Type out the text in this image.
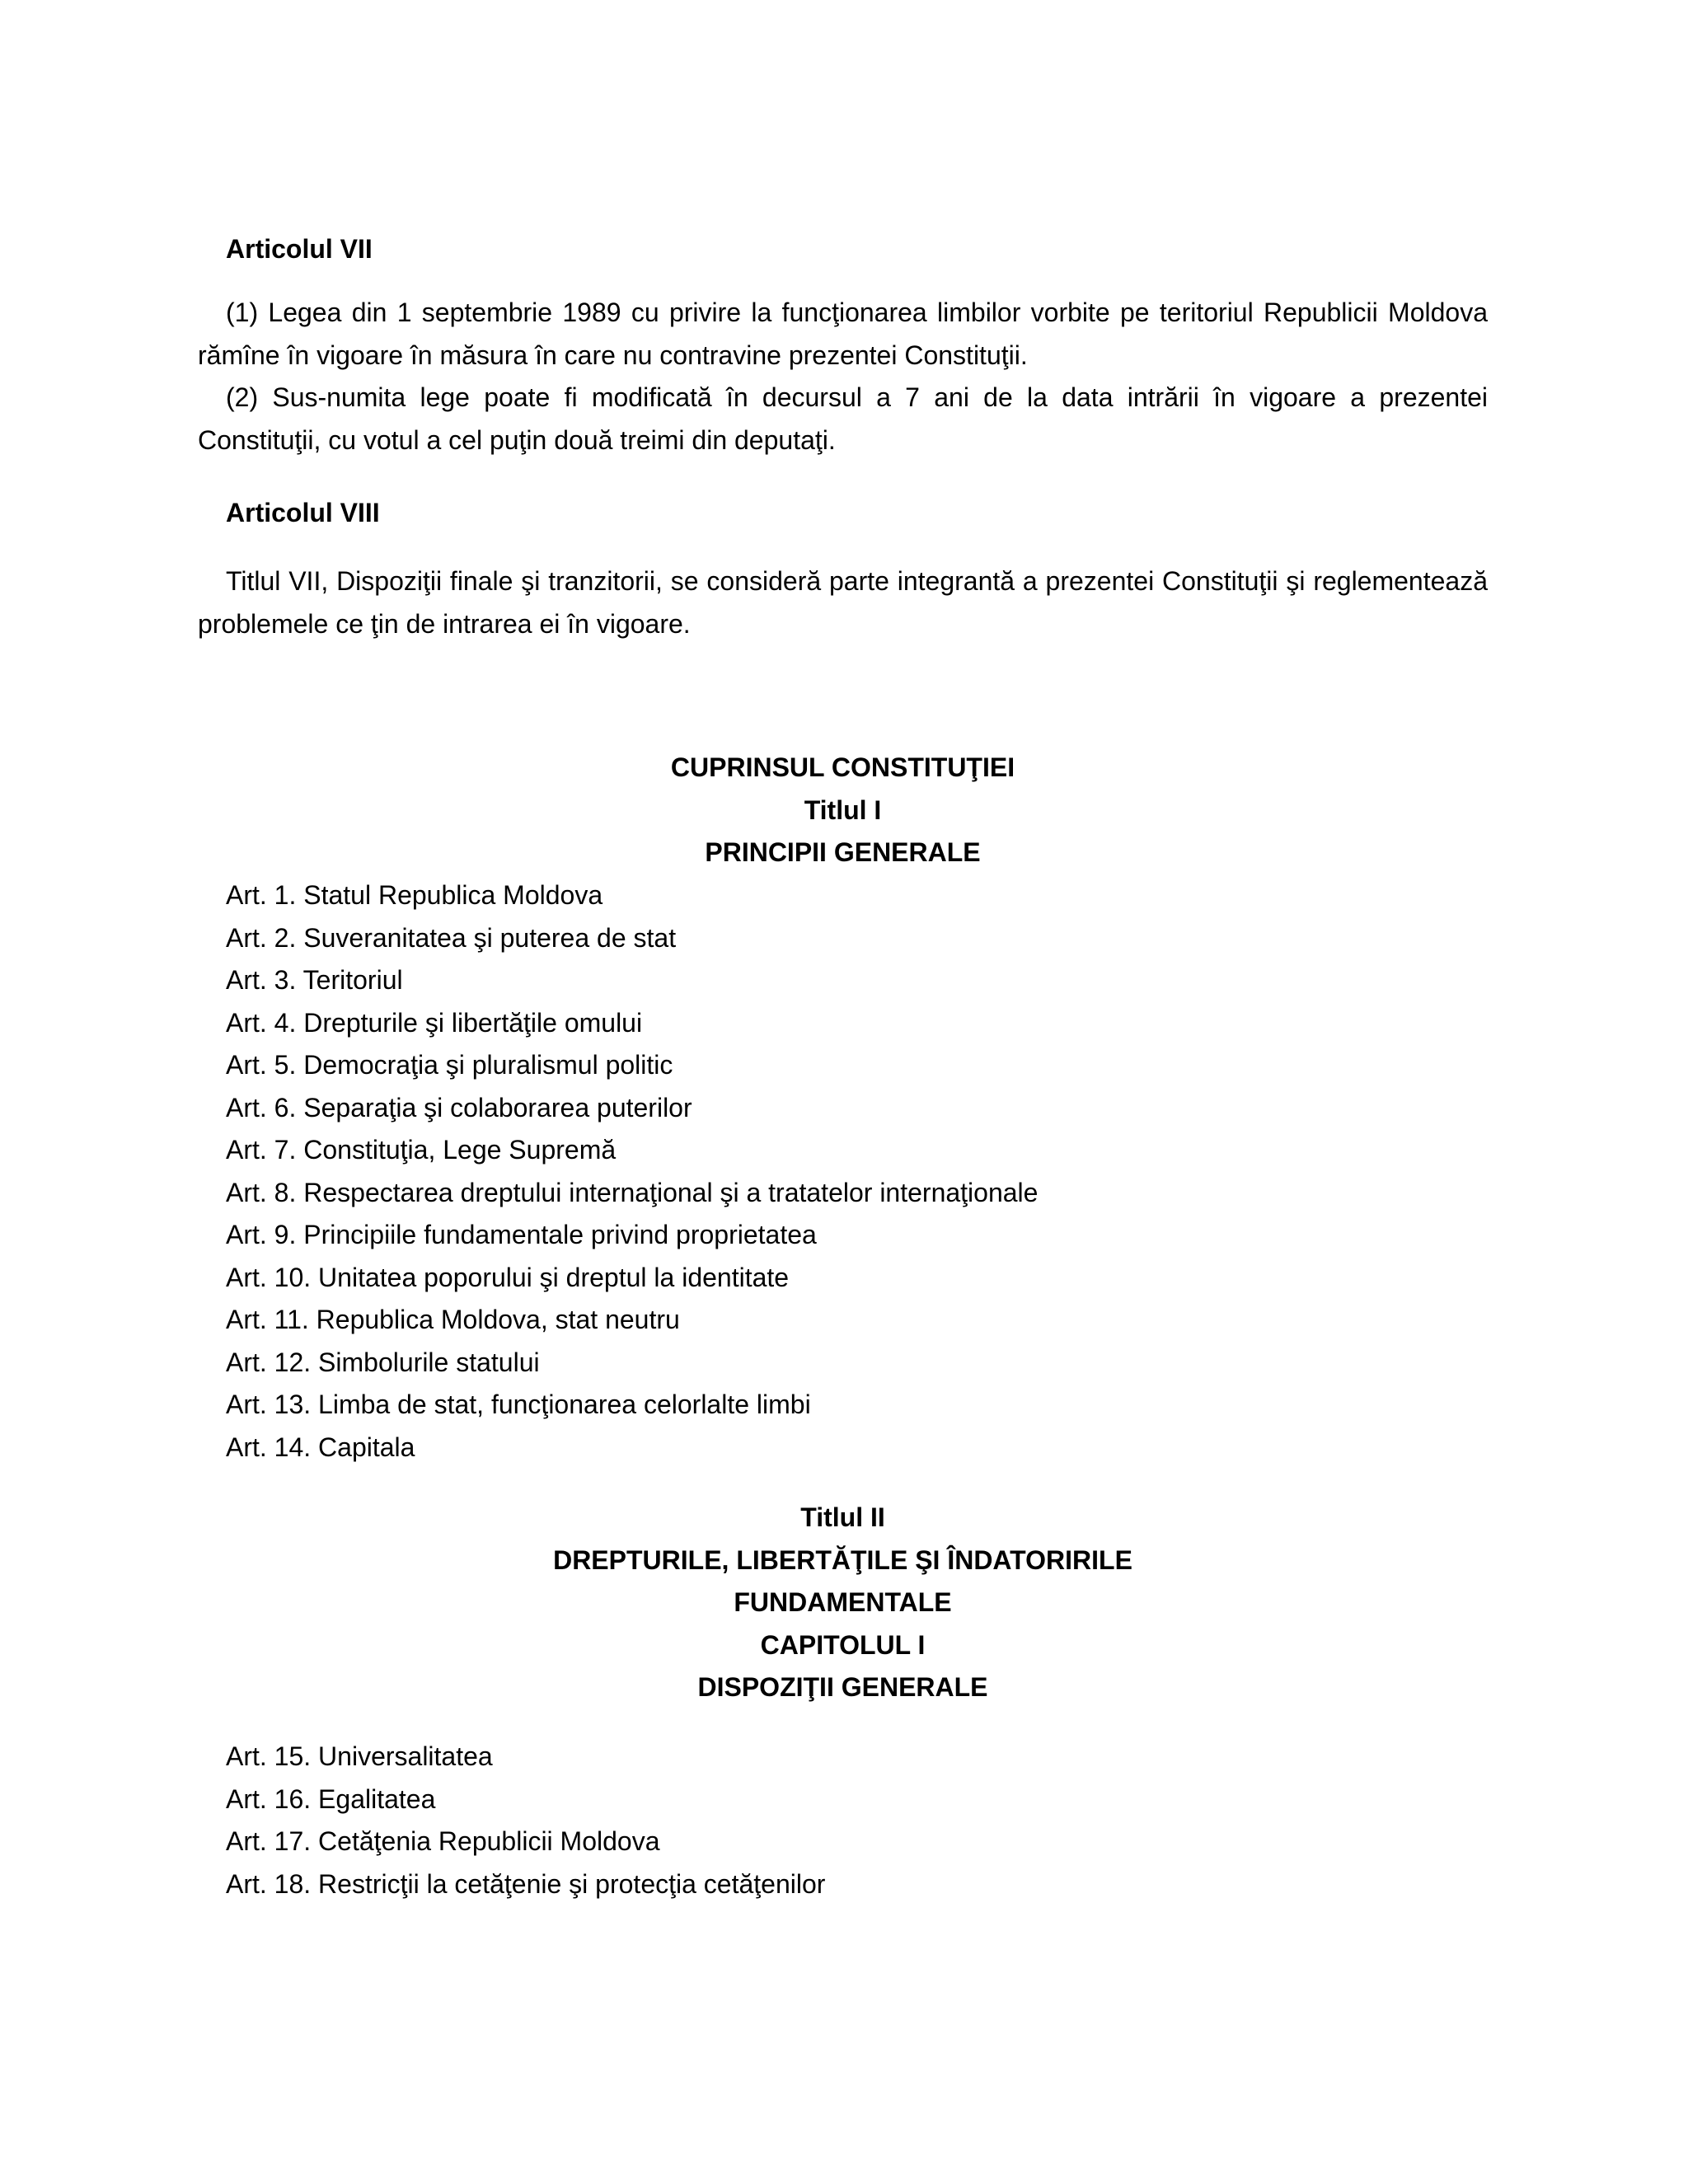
Articolul VII

(1) Legea din 1 septembrie 1989 cu privire la funcţionarea limbilor vorbite pe teritoriul Republicii Moldova rămîne în vigoare în măsura în care nu contravine prezentei Constituţii.

(2) Sus-numita lege poate fi modificată în decursul a 7 ani de la data intrării în vigoare a prezentei Constituţii, cu votul a cel puţin două treimi din deputaţi.

Articolul VIII

Titlul VII, Dispoziţii finale şi tranzitorii, se consideră parte integrantă a prezentei Constituţii şi reglementează problemele ce ţin de intrarea ei în vigoare.

CUPRINSUL CONSTITUŢIEI
Titlul I
PRINCIPII GENERALE
Art. 1. Statul Republica Moldova
Art. 2. Suveranitatea şi puterea de stat
Art. 3. Teritoriul
Art. 4. Drepturile şi libertăţile omului
Art. 5. Democraţia şi pluralismul politic
Art. 6. Separaţia şi colaborarea puterilor
Art. 7. Constituţia, Lege Supremă
Art. 8. Respectarea dreptului internaţional şi a tratatelor internaţionale
Art. 9. Principiile fundamentale privind proprietatea
Art. 10. Unitatea poporului şi dreptul la identitate
Art. 11. Republica Moldova, stat neutru
Art. 12. Simbolurile statului
Art. 13. Limba de stat, funcţionarea celorlalte limbi
Art. 14. Capitala
Titlul II
DREPTURILE, LIBERTĂŢILE ŞI ÎNDATORIRILE
FUNDAMENTALE
CAPITOLUL I
DISPOZIŢII GENERALE
Art. 15. Universalitatea
Art. 16. Egalitatea
Art. 17. Cetăţenia Republicii Moldova
Art. 18. Restricţii la cetăţenie şi protecţia cetăţenilor
